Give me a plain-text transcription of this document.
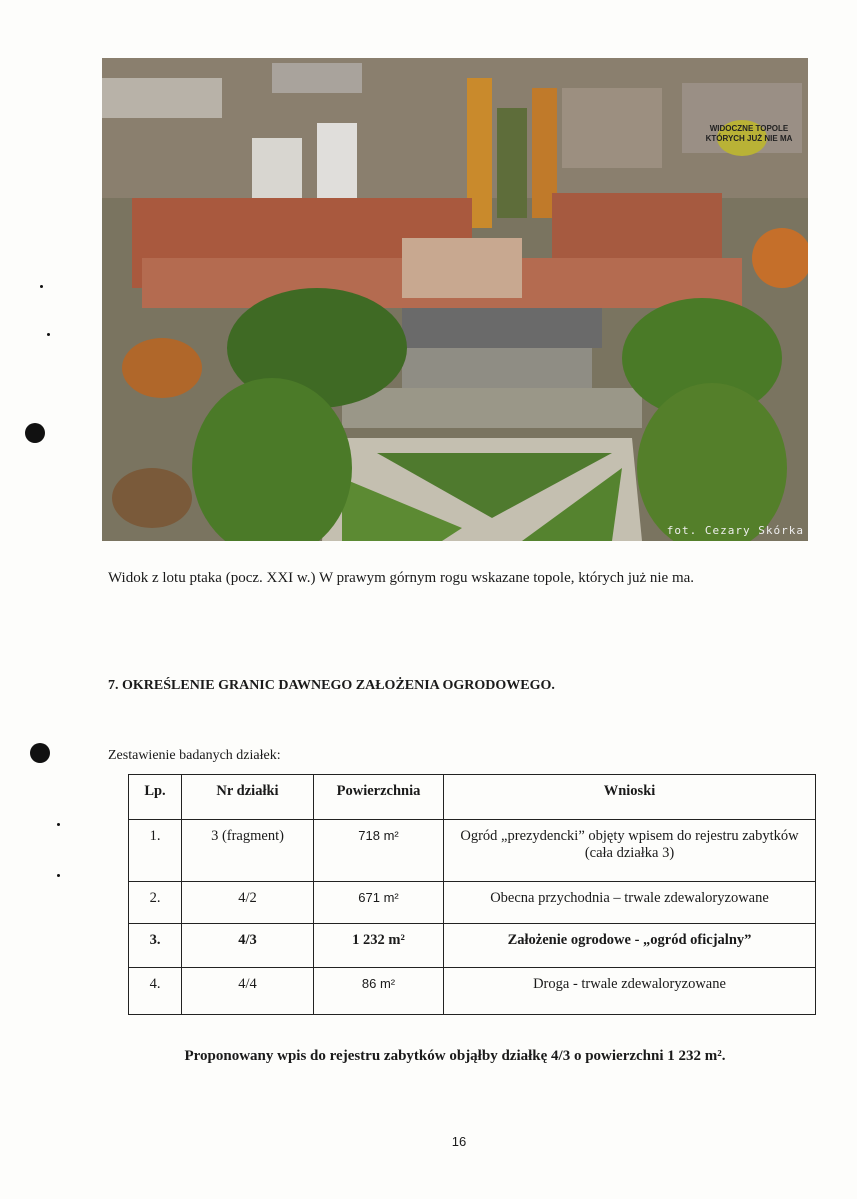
WIDOCZNE TOPOLE KTÓRYCH JUŻ NIE MA
fot. Cezary Skórka
Widok z lotu ptaka (pocz. XXI w.) W prawym górnym rogu wskazane topole, których już nie ma.
7. OKREŚLENIE GRANIC DAWNEGO ZAŁOŻENIA OGRODOWEGO.
Zestawienie badanych działek:
Lp.	Nr działki	Powierzchnia	Wnioski
1.	3 (fragment)	718 m²	Ogród „prezydencki” objęty wpisem do rejestru zabytków (cała działka 3)
2.	4/2	671 m²	Obecna przychodnia – trwale zdewaloryzowane
3.	4/3	1 232 m²	Założenie ogrodowe - „ogród oficjalny”
4.	4/4	86 m²	Droga - trwale zdewaloryzowane
Proponowany wpis do rejestru zabytków objąłby działkę 4/3 o powierzchni 1 232 m².
16
